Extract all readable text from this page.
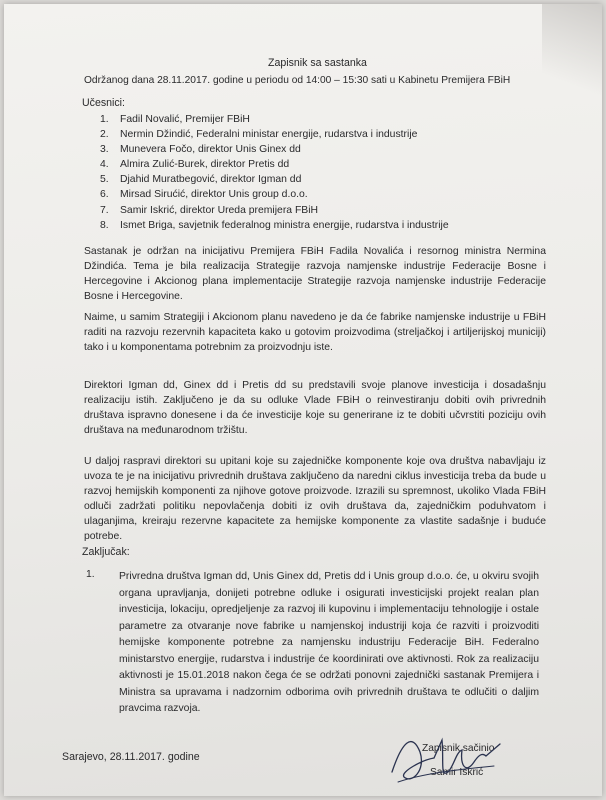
Zapisnik sa sastanka

Održanog dana 28.11.2017. godine u periodu od 14:00 – 15:30 sati u Kabinetu Premijera FBiH

Učesnici:

1. Fadil Novalić, Premijer FBiH
2. Nermin Džindić, Federalni ministar energije, rudarstva i industrije
3. Munevera Fočo, direktor Unis Ginex dd
4. Almira Zulić-Burek, direktor Pretis dd
5. Djahid Muratbegović, direktor Igman dd
6. Mirsad Sirućić, direktor Unis group d.o.o.
7. Samir Iskrić, direktor Ureda premijera FBiH
8. Ismet Briga, savjetnik federalnog ministra energije, rudarstva i industrije

Sastanak je održan na inicijativu Premijera FBiH Fadila Novalića i resornog ministra Nermina Džindića. Tema je bila realizacija Strategije razvoja namjenske industrije Federacije Bosne i Hercegovine i Akcionog plana implementacije Strategije razvoja namjenske industrije Federacije Bosne i Hercegovine.

Naime, u samim Strategiji i Akcionom planu navedeno je da će fabrike namjenske industrije u FBiH raditi na razvoju rezervnih kapaciteta kako u gotovim proizvodima (streljačkoj i artiljerijskoj municiji) tako i u komponentama potrebnim za proizvodnju iste.

Direktori Igman dd, Ginex dd i Pretis dd su predstavili svoje planove investicija i dosadašnju realizaciju istih. Zaključeno je da su odluke Vlade FBiH o reinvestiranju dobiti ovih privrednih društava ispravno donesene i da će investicije koje su generirane iz te dobiti učvrstiti poziciju ovih društava na međunarodnom tržištu.

U daljoj raspravi direktori su upitani koje su zajedničke komponente koje ova društva nabavljaju iz uvoza te je na inicijativu privrednih društava zaključeno da naredni ciklus investicija treba da bude u razvoj hemijskih komponenti za njihove gotove proizvode. Izrazili su spremnost, ukoliko Vlada FBiH odluči zadržati politiku nepovlačenja dobiti iz ovih društava da, zajedničkim poduhvatom i ulaganjima, kreiraju rezervne kapacitete za hemijske komponente za vlastite sadašnje i buduće potrebe.

Zaključak:

1. Privredna društva Igman dd, Unis Ginex dd, Pretis dd i Unis group d.o.o. će, u okviru svojih organa upravljanja, donijeti potrebne odluke i osigurati investicijski projekt realan plan investicija, lokaciju, opredjeljenje za razvoj ili kupovinu i implementaciju tehnologije i ostale parametre za otvaranje nove fabrike u namjenskoj industriji koja će razviti i proizvoditi hemijske komponente potrebne za namjensku industriju Federacije BiH. Federalno ministarstvo energije, rudarstva i industrije će koordinirati ove aktivnosti. Rok za realizaciju aktivnosti je 15.01.2018 nakon čega će se održati ponovni zajednički sastanak Premijera i Ministra sa upravama i nadzornim odborima ovih privrednih društava te odlučiti o daljim pravcima razvoja.

Sarajevo, 28.11.2017. godine

Zapisnik sačinio

Samir Iskrić
